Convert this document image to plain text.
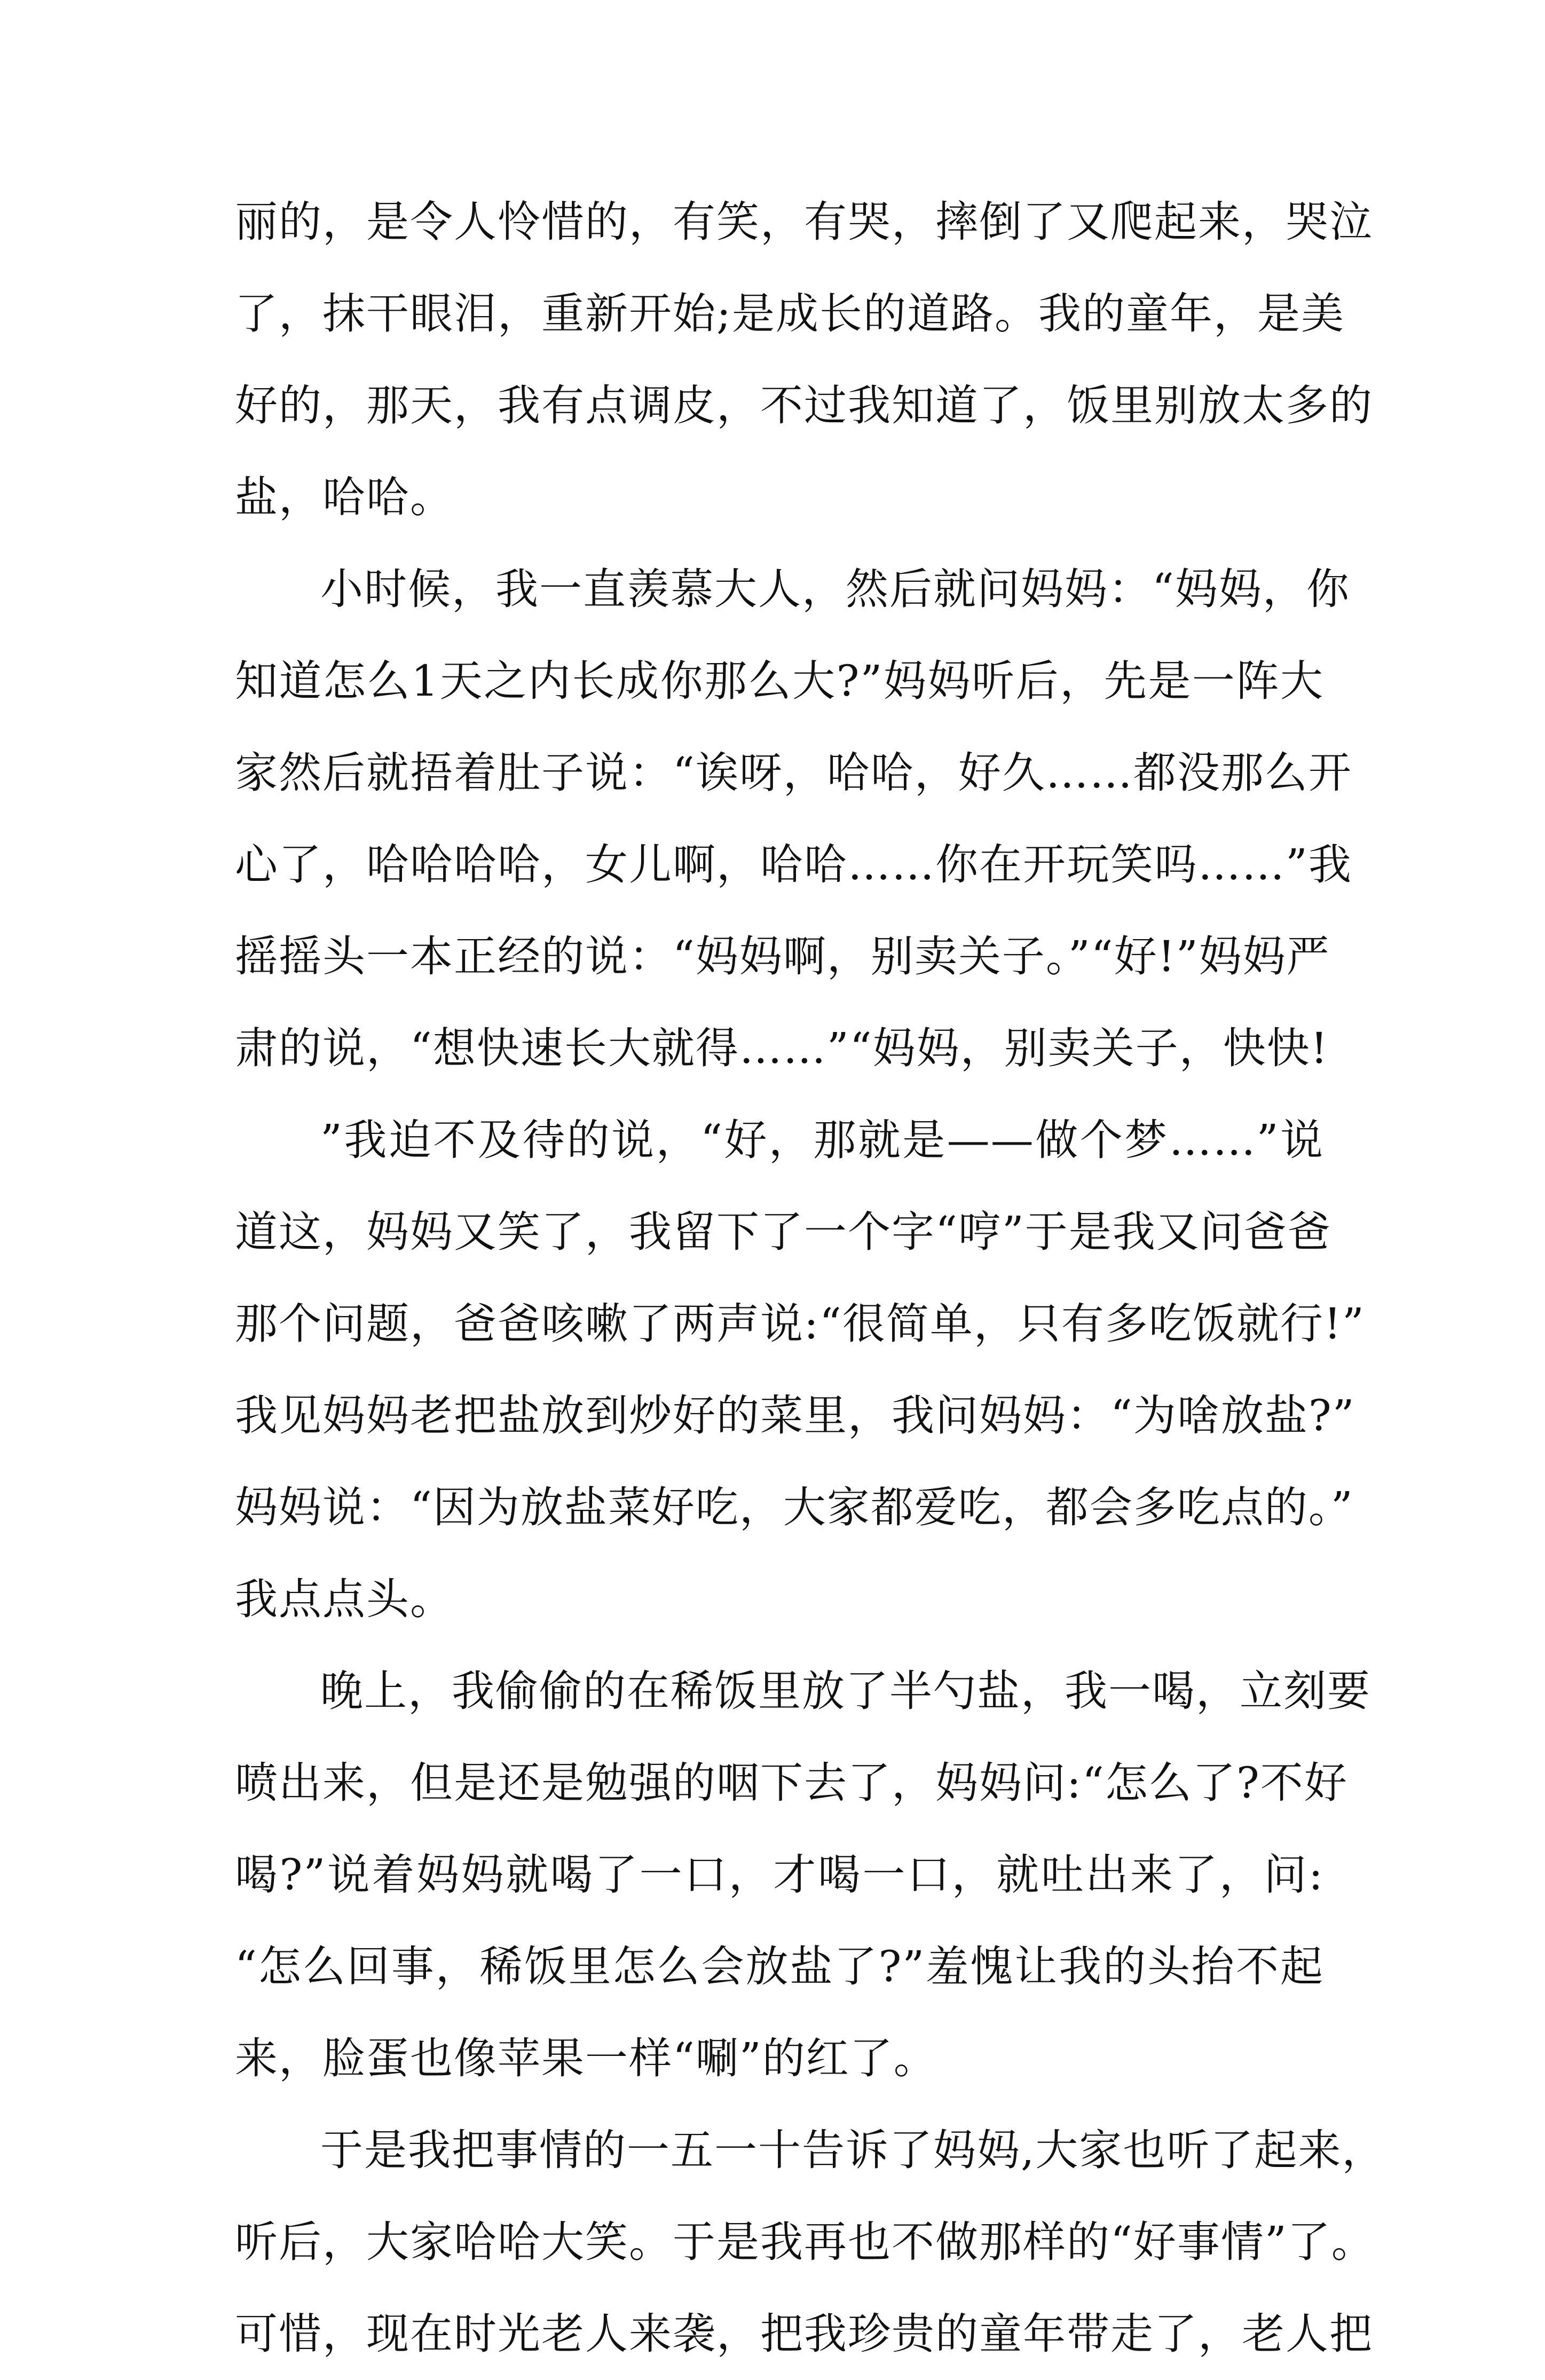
丽的，是令人怜惜的，有笑，有哭，摔倒了又爬起来，哭泣
了，抹干眼泪，重新开始;是成长的道路。我的童年，是美
好的，那天，我有点调皮，不过我知道了，饭里别放太多的
盐，哈哈。
小时候，我一直羡慕大人，然后就问妈妈：“妈妈，你
知道怎么1天之内长成你那么大?”妈妈听后，先是一阵大
家然后就捂着肚子说：“诶呀，哈哈，好久……都没那么开
心了，哈哈哈哈，女儿啊，哈哈……你在开玩笑吗……”我
摇摇头一本正经的说：“妈妈啊，别卖关子。”“好!”妈妈严
肃的说，“想快速长大就得……”“妈妈，别卖关子，快快!
”我迫不及待的说，“好，那就是——做个梦……”说
道这，妈妈又笑了，我留下了一个字“哼”于是我又问爸爸
那个问题，爸爸咳嗽了两声说:“很简单，只有多吃饭就行!”
我见妈妈老把盐放到炒好的菜里，我问妈妈：“为啥放盐?”
妈妈说：“因为放盐菜好吃，大家都爱吃，都会多吃点的。”
我点点头。
晚上，我偷偷的在稀饭里放了半勺盐，我一喝，立刻要
喷出来，但是还是勉强的咽下去了，妈妈问:“怎么了?不好
喝?”说着妈妈就喝了一口，才喝一口，就吐出来了，问:
“怎么回事，稀饭里怎么会放盐了?”羞愧让我的头抬不起
来，脸蛋也像苹果一样“唰”的红了。
于是我把事情的一五一十告诉了妈妈,大家也听了起来，
听后，大家哈哈大笑。于是我再也不做那样的“好事情”了。
可惜，现在时光老人来袭，把我珍贵的童年带走了，老人把
